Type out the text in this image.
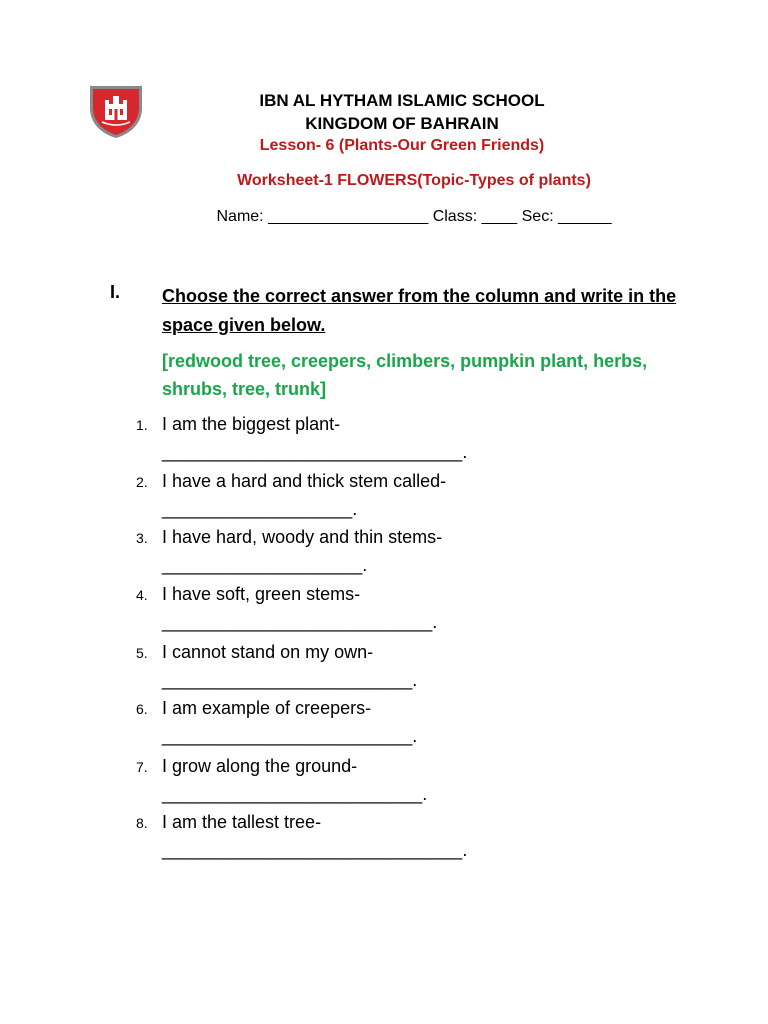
IBN AL HYTHAM ISLAMIC SCHOOL
KINGDOM OF BAHRAIN
Lesson- 6 (Plants-Our Green Friends)
Worksheet-1 FLOWERS(Topic-Types of plants)
Name: __________________ Class: ____ Sec: ______
I. Choose the correct answer from the column and write in the space given below.
[redwood tree, creepers, climbers, pumpkin plant, herbs, shrubs, tree, trunk]
1. I am the biggest plant-
______________________________.
2. I have a hard and thick stem called-
___________________.
3. I have hard, woody and thin stems-
____________________.
4. I have soft, green stems-
___________________________.
5. I cannot stand on my own-
_________________________.
6. I am example of creepers-
_________________________.
7. I grow along the ground-
__________________________.
8. I am the tallest tree-
______________________________.
